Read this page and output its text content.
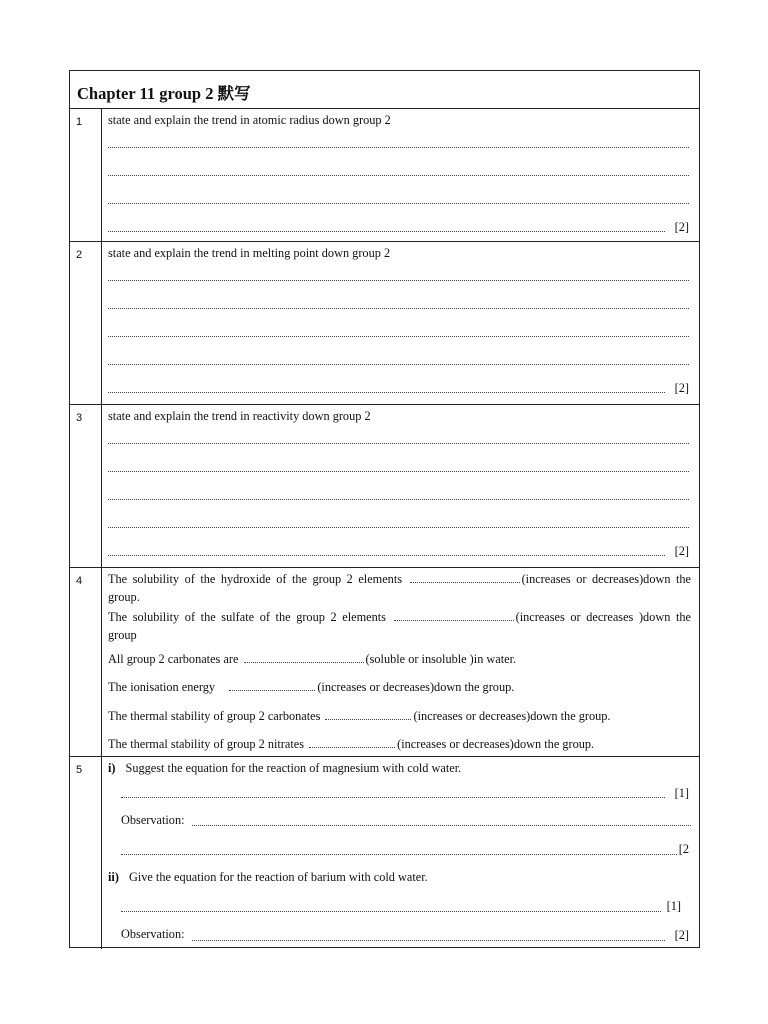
Chapter 11 group 2 默写
1 state and explain the trend in atomic radius down group 2
[2]
2 state and explain the trend in melting point down group 2
[2]
3 state and explain the trend in reactivity down group 2
[2]
4 The solubility of the hydroxide of the group 2 elements	(increases or decreases)down the
group.
The solubility of the sulfate of the group 2 elements	(increases or decreases )down the
group
All group 2 carbonates are	(soluble or insoluble )in water.
The ionisation energy	(increases or decreases)down the group.
The thermal stability of group 2 carbonates	(increases or decreases)down the group.
The thermal stability of group 2 nitrates	(increases or decreases)down the group.
5 i) Suggest the equation for the reaction of magnesium with cold water.
[1]
Observation:
[2
ii) Give the equation for the reaction of barium with cold water.
[1]
Observation:	[2]
